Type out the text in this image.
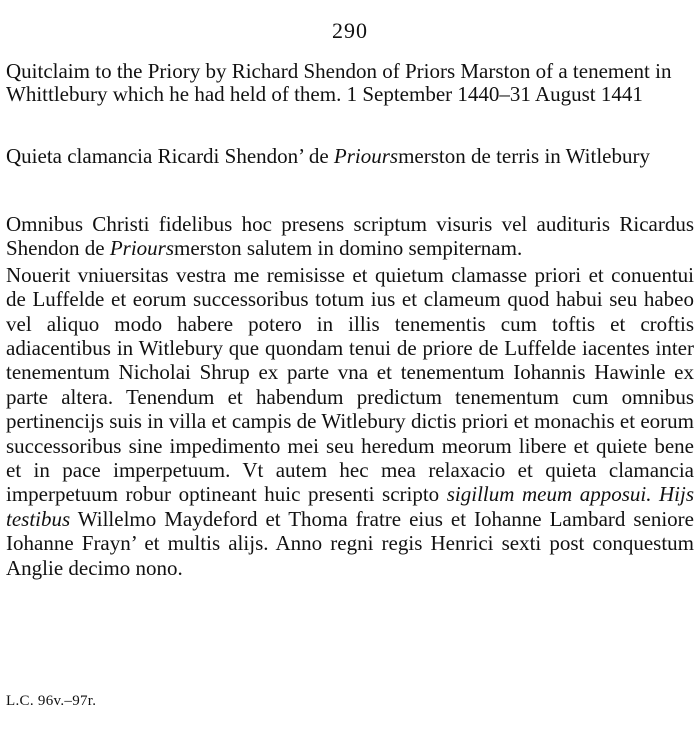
290
Quitclaim to the Priory by Richard Shendon of Priors Marston of a tenement in Whittlebury which he had held of them. 1 September 1440–31 August 1441
Quieta clamancia Ricardi Shendon’ de Prioursmerston de terris in Witlebury

Omnibus Christi fidelibus hoc presens scriptum visuris vel audituris Ricardus Shendon de Prioursmerston salutem in domino sempiternam.

Nouerit vniuersitas vestra me remisisse et quietum clamasse priori et conuentui de Luffelde et eorum successoribus totum ius et clameum quod habui seu habeo vel aliquo modo habere potero in illis tenementis cum toftis et croftis adiacentibus in Witlebury que quondam tenui de priore de Luffelde iacentes inter tenementum Nicholai Shrup ex parte vna et tenementum Iohannis Hawinle ex parte altera. Tenendum et habendum predictum tenementum cum omnibus pertinencijs suis in villa et campis de Witlebury dictis priori et monachis et eorum successoribus sine impedimento mei seu heredum meorum libere et quiete bene et in pace imperpetuum. Vt autem hec mea relaxacio et quieta clamancia imperpetuum robur optineant huic presenti scripto sigillum meum apposui. Hijs testibus Willelmo Maydeford et Thoma fratre eius et Iohanne Lambard seniore Iohanne Frayn’ et multis alijs. Anno regni regis Henrici sexti post conquestum Anglie decimo nono.

L.C. 96v.–97r.
